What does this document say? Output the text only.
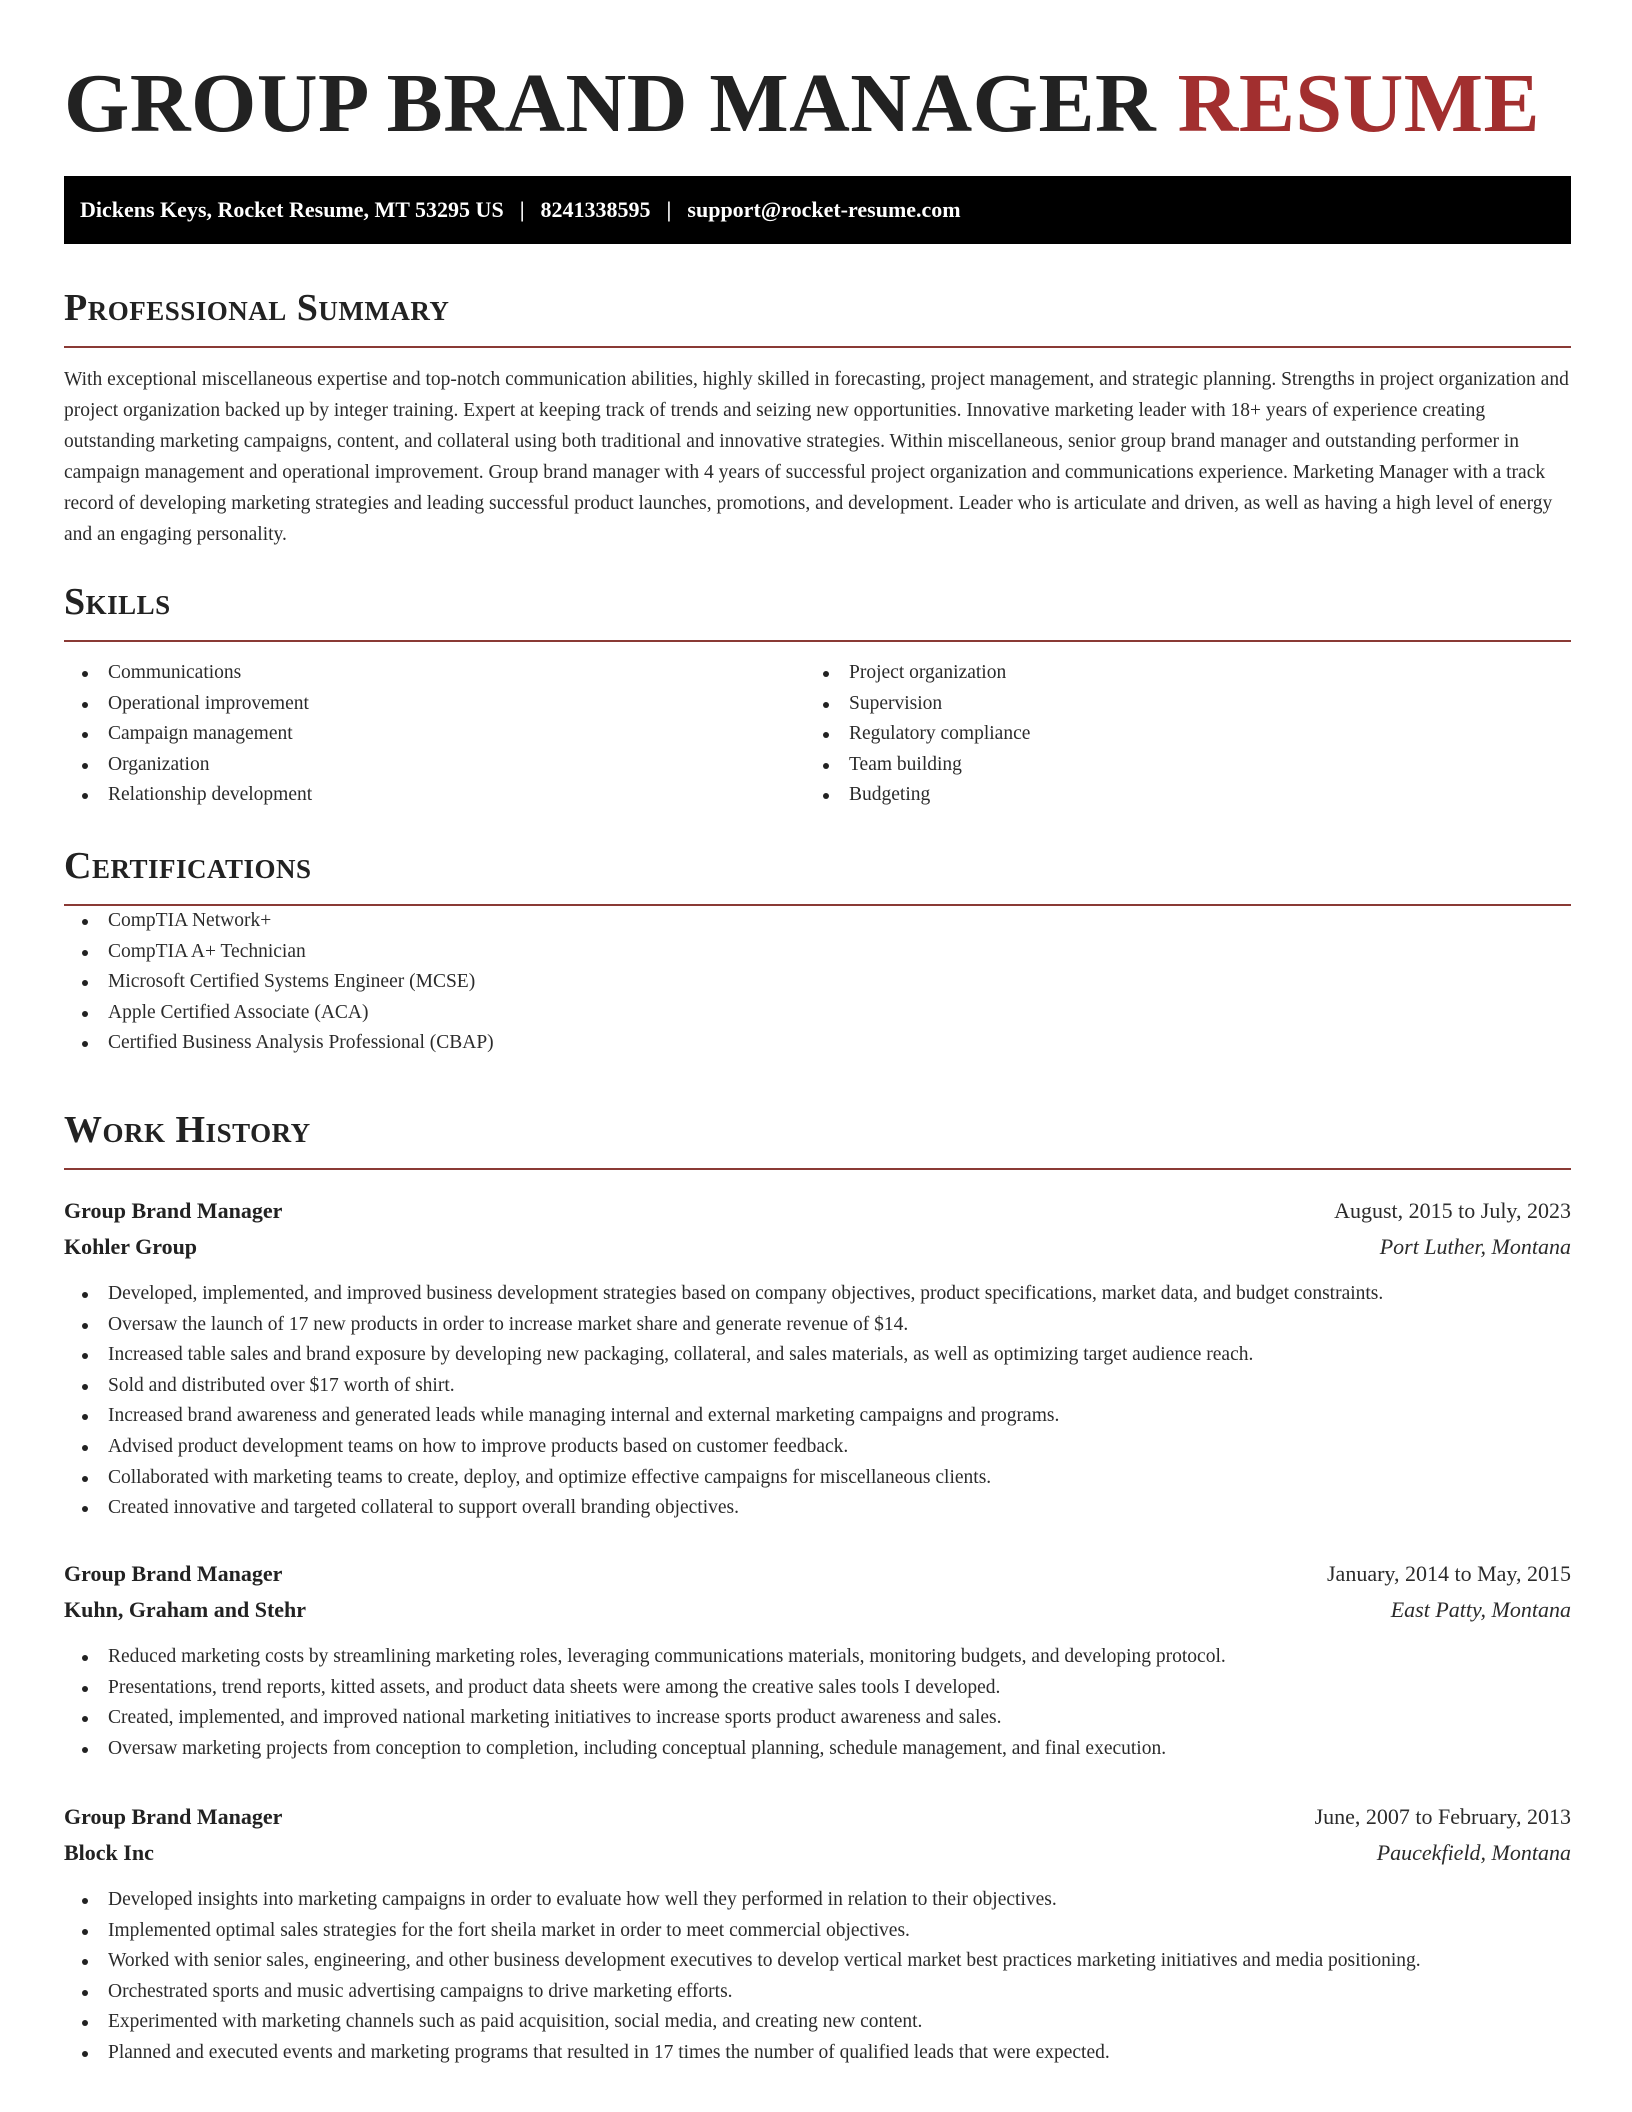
GROUP BRAND MANAGER RESUME
Dickens Keys, Rocket Resume, MT 53295 US | 8241338595 | support@rocket-resume.com
Professional Summary
With exceptional miscellaneous expertise and top-notch communication abilities, highly skilled in forecasting, project management, and strategic planning. Strengths in project organization and project organization backed up by integer training. Expert at keeping track of trends and seizing new opportunities. Innovative marketing leader with 18+ years of experience creating outstanding marketing campaigns, content, and collateral using both traditional and innovative strategies. Within miscellaneous, senior group brand manager and outstanding performer in campaign management and operational improvement. Group brand manager with 4 years of successful project organization and communications experience. Marketing Manager with a track record of developing marketing strategies and leading successful product launches, promotions, and development. Leader who is articulate and driven, as well as having a high level of energy and an engaging personality.
Skills
Communications
Operational improvement
Campaign management
Organization
Relationship development
Project organization
Supervision
Regulatory compliance
Team building
Budgeting
Certifications
CompTIA Network+
CompTIA A+ Technician
Microsoft Certified Systems Engineer (MCSE)
Apple Certified Associate (ACA)
Certified Business Analysis Professional (CBAP)
Work History
Group Brand Manager	August, 2015 to July, 2023
Kohler Group	Port Luther, Montana
Developed, implemented, and improved business development strategies based on company objectives, product specifications, market data, and budget constraints.
Oversaw the launch of 17 new products in order to increase market share and generate revenue of $14.
Increased table sales and brand exposure by developing new packaging, collateral, and sales materials, as well as optimizing target audience reach.
Sold and distributed over $17 worth of shirt.
Increased brand awareness and generated leads while managing internal and external marketing campaigns and programs.
Advised product development teams on how to improve products based on customer feedback.
Collaborated with marketing teams to create, deploy, and optimize effective campaigns for miscellaneous clients.
Created innovative and targeted collateral to support overall branding objectives.
Group Brand Manager	January, 2014 to May, 2015
Kuhn, Graham and Stehr	East Patty, Montana
Reduced marketing costs by streamlining marketing roles, leveraging communications materials, monitoring budgets, and developing protocol.
Presentations, trend reports, kitted assets, and product data sheets were among the creative sales tools I developed.
Created, implemented, and improved national marketing initiatives to increase sports product awareness and sales.
Oversaw marketing projects from conception to completion, including conceptual planning, schedule management, and final execution.
Group Brand Manager	June, 2007 to February, 2013
Block Inc	Paucekfield, Montana
Developed insights into marketing campaigns in order to evaluate how well they performed in relation to their objectives.
Implemented optimal sales strategies for the fort sheila market in order to meet commercial objectives.
Worked with senior sales, engineering, and other business development executives to develop vertical market best practices marketing initiatives and media positioning.
Orchestrated sports and music advertising campaigns to drive marketing efforts.
Experimented with marketing channels such as paid acquisition, social media, and creating new content.
Planned and executed events and marketing programs that resulted in 17 times the number of qualified leads that were expected.
